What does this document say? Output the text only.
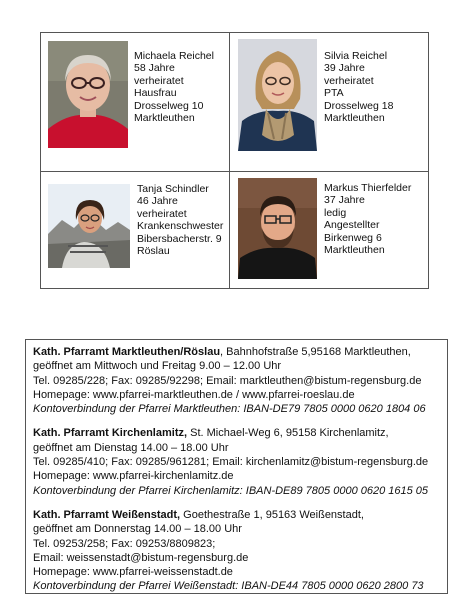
Michaela Reichel
58 Jahre
verheiratet
Hausfrau
Drosselweg 10
Marktleuthen
Silvia Reichel
39 Jahre
verheiratet
PTA
Drosselweg 18
Marktleuthen
Tanja Schindler
46 Jahre
verheiratet
Krankenschwester
Bibersbacherstr. 9
Röslau
Markus Thierfelder
37 Jahre
ledig
Angestellter
Birkenweg 6
Marktleuthen
Kath. Pfarramt Marktleuthen/Röslau, Bahnhofstraße 5,95168 Marktleuthen,
geöffnet am Mittwoch und Freitag 9.00 – 12.00 Uhr
Tel. 09285/228; Fax: 09285/92298; Email: marktleuthen@bistum-regensburg.de
Homepage: www.pfarrei-marktleuthen.de / www.pfarrei-roeslau.de
Kontoverbindung der Pfarrei Marktleuthen: IBAN-DE79 7805 0000 0620 1804 06
Kath. Pfarramt Kirchenlamitz, St. Michael-Weg 6, 95158 Kirchenlamitz,
geöffnet am Dienstag 14.00 – 18.00 Uhr
Tel. 09285/410; Fax: 09285/961281; Email: kirchenlamitz@bistum-regensburg.de
Homepage: www.pfarrei-kirchenlamitz.de
Kontoverbindung der Pfarrei Kirchenlamitz: IBAN-DE89 7805 0000 0620 1615 05
Kath. Pfarramt Weißenstadt, Goethestraße 1, 95163 Weißenstadt,
geöffnet am Donnerstag 14.00 – 18.00 Uhr
Tel. 09253/258; Fax: 09253/8809823;
Email: weissenstadt@bistum-regensburg.de
Homepage: www.pfarrei-weissenstadt.de
Kontoverbindung der Pfarrei Weißenstadt: IBAN-DE44 7805 0000 0620 2800 73
